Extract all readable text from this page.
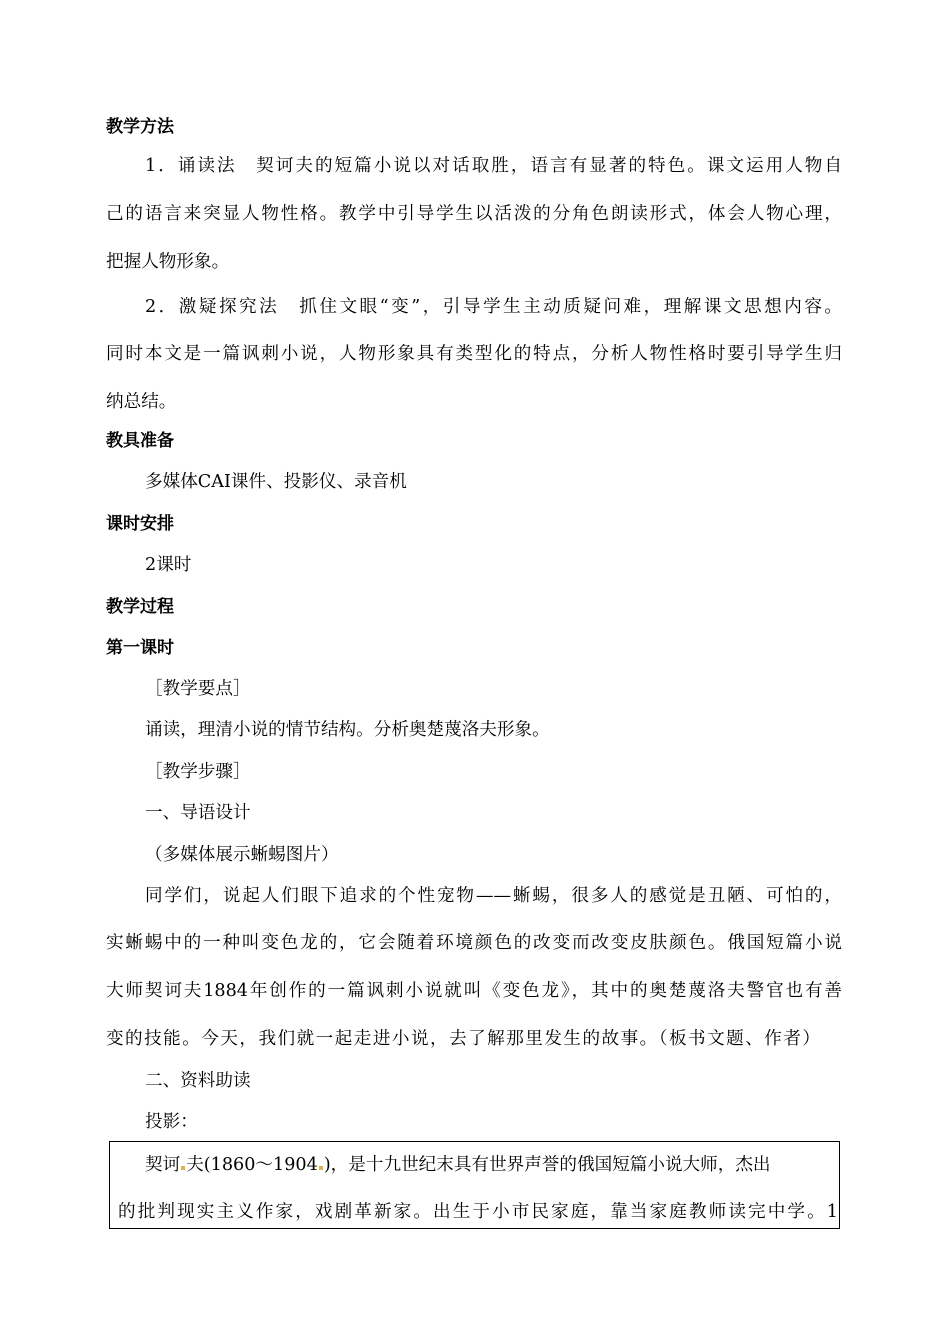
教学方法
1．诵读法　契诃夫的短篇小说以对话取胜，语言有显著的特色。课文运用人物自
己的语言来突显人物性格。教学中引导学生以活泼的分角色朗读形式，体会人物心理，
把握人物形象。
2．激疑探究法　抓住文眼“变”，引导学生主动质疑问难，理解课文思想内容。
同时本文是一篇讽刺小说，人物形象具有类型化的特点，分析人物性格时要引导学生归
纳总结。
教具准备
多媒体CAI课件、投影仪、录音机
课时安排
2课时
教学过程
第一课时
［教学要点］
诵读，理清小说的情节结构。分析奥楚蔑洛夫形象。
［教学步骤］
一、导语设计
（多媒体展示蜥蜴图片）
同学们，说起人们眼下追求的个性宠物——蜥蜴，很多人的感觉是丑陋、可怕的，
实蜥蜴中的一种叫变色龙的，它会随着环境颜色的改变而改变皮肤颜色。俄国短篇小说
大师契诃夫1884年创作的一篇讽刺小说就叫《变色龙》，其中的奥楚蔑洛夫警官也有善
变的技能。今天，我们就一起走进小说，去了解那里发生的故事。（板书文题、作者）
二、资料助读
投影：
契诃 夫(1860～1904 )，是十九世纪末具有世界声誉的俄国短篇小说大师，杰出
的批判现实主义作家，戏剧革新家。出生于小市民家庭，靠当家庭教师读完中学。1
